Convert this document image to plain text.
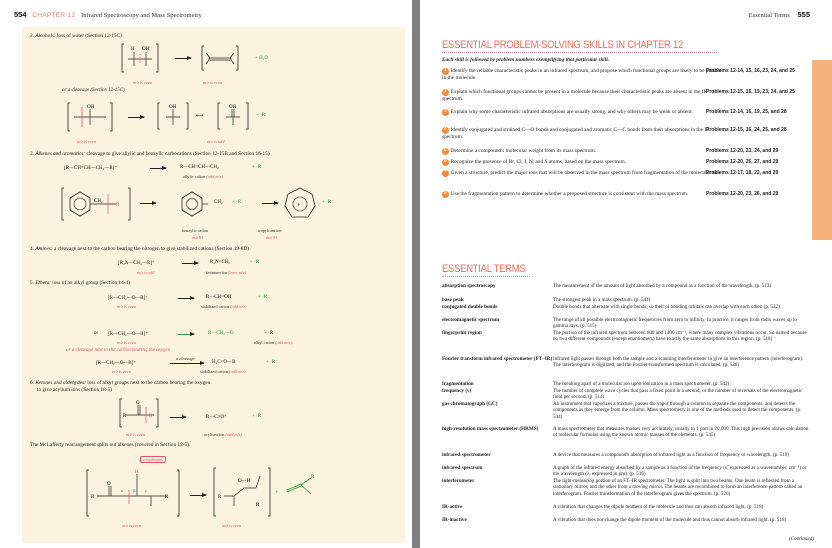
554 CHAPTER 12 Infrared Spectroscopy and Mass Spectrometry
2. Alcohols: loss of water (Section 12-15C)
H OH
+ H₂O
m/z is even	m/z is even
or a cleavage (Section 12-15C)
OH	OH
⟷
OH
+ ·R
m/z is even	m/z is odd
3. Alkenes and aromatics: cleavage to give allylic and benzylic carbocations (Section 12-15B and Section 16-15)
[R—CH=CH—CH₂—R]⁺ →	R—CH=CH—CH₂	+ ·R
allylic cation (odd m/z)
CH₂
R →	CH₂ + ·R →	+
+ ·R
benzylic cation	tropylium ion
m/z 91	m/z 91
4. Amines: a cleavage next to the carbon bearing the nitrogen to give stabilized cations (Section 19-8D)
[R₂N—CH₂—R]⁺ → R₂N=CH₂	+ ·R
m/z is odd	iminium ion (even m/z)
5. Ethers: loss of an alkyl group (Section 14-4)
[R—CH₂—O—R]⁺ → R—CH=OH	+ ·R
m/z is even	stabilized cation (odd m/z)
or [R—CH₂—O—R]⁺ →	R—CH₂—O	+ ·R
m/z is even	alkyl cation (odd m/z);
or a cleavage next to the carbon bearing the oxygen
[R—CH₂—O—R]⁺
a cleavage
→ H₂C=O—R	+ ·R
m/z is even	stabilized cation (odd m/z)
6. Ketones and aldehydes: loss of alkyl groups next to the carbon bearing the oxygen
to give acylium ions (Section 18-5)
O
R	R →	R—C≡O⁺	+ ·R
m/z is even	acylium ion (odd m/z)
The McLafferty rearrangement splits out alkenes (covered in Section 18-5).
γ-hydrogen
R
O
H
R
α β γ
→ R
O—H
R
+
R
m/z is even	m/z is even
Essential Terms 555
ESSENTIAL PROBLEM-SOLVING SKILLS IN CHAPTER 12
Each skill is followed by problem numbers exemplifying that particular skill.
1 Identify the reliable characteristic peaks in an infrared spectrum, and propose which functional groups are likely to be present in the molecule.
Problems 12-14, 15, 16, 23, 24, and 25
2 Explain which functional groups cannot be present in a molecule because their characteristic peaks are absent in the IR spectrum.
Problems 12-15, 16, 19, 23, 24, and 25
3 Explain why some characteristic infrared absorptions are usually strong, and why others may be weak or absent.	Problems 12-14, 16, 19, 25, and 28
4 Identify conjugated and strained C—O bonds and conjugated and aromatic C—C bonds from their absorptions in the IR spectrum.
Problems 12-15, 16, 24, 25, and 28
5 Determine a compound's molecular weight from its mass spectrum.	Problems 12-20, 23, 24, and 29
6 Recognize the presence of Br, Cl, I, N, and S atoms, based on the mass spectrum.	Problems 12-20, 26, 27, and 29
7 Given a structure, predict the major ions that will be observed in the mass spectrum from fragmentation of the molecular ion.
Problems 12-17, 18, 22, and 29
8 Use the fragmentation pattern to determine whether a proposed structure is consistent with the mass spectrum.	Problems 12-20, 23, 26, and 29
ESSENTIAL TERMS
absorption spectroscopy	The measurement of the amount of light absorbed by a compound as a function of the wavelength. (p. 513)
base peak	The strongest peak in a mass spectrum. (p. 544)
conjugated double bonds	Double bonds that alternate with single bonds, so their pi bonding orbitals can overlap with each other. (p. 522)
electromagnetic spectrum	The range of all possible electromagnetic frequencies from zero to infinity. In practice, it ranges from radio waves up to gamma rays. (p. 515)
fingerprint region	The portion of the infrared spectrum between 600 and 1400 cm⁻¹, where many complex vibrations occur. So named because no two different compounds (except enantiomers) have exactly the same absorptions in this region. (p. 518)
Fourier transform infrared spectrometer (FT–IR) Infrared light passes through both the sample and a scanning interferometer to give an interference pattern (interferogram). The interferogram is digitized, and the Fourier-transformed spectrum is calculated. (p. 520)
fragmentation	The breaking apart of a molecular ion upon ionization in a mass spectrometer. (p. 542)
frequency (ν)	The number of complete wave cycles that pass a fixed point in a second; or the number of reversals of the electromagnetic field per second. (p. 514)
gas chromatograph (GC)	An instrument that vaporizes a mixture, passes the vapor through a column to separate the components, and detects the components as they emerge from the column. Mass spectrometry is one of the methods used to detect the components. (p. 544)
high-resolution mass spectrometer (HRMS)	A mass spectrometer that measures masses very accurately, usually to 1 part in 20,000. This high precision allows calculation of molecular formulas using the known atomic masses of the elements. (p. 545)
infrared spectrometer	A device that measures a compound's absorption of infrared light as a function of frequency or wavelength. (p. 519)
infrared spectrum	A graph of the infrared energy absorbed by a sample as a function of the frequency (ν̃, expressed as a wavenumber, cm⁻¹) or the wavelength (λ, expressed in μm). (p. 516)
interferometer	The light-measuring portion of an FT–IR spectrometer. The light is split into two beams. One beam is reflected from a stationary mirror, and the other from a moving mirror. The beams are recombined to form an interference pattern called an interferogram. Fourier transformation of the interferogram gives the spectrum. (p. 520)
IR-active	A vibration that changes the dipole moment of the molecule and thus can absorb infrared light. (p. 518)
IR-inactive	A vibration that does not change the dipole moment of the molecule and thus cannot absorb infrared light. (p. 518)
(Continued)
